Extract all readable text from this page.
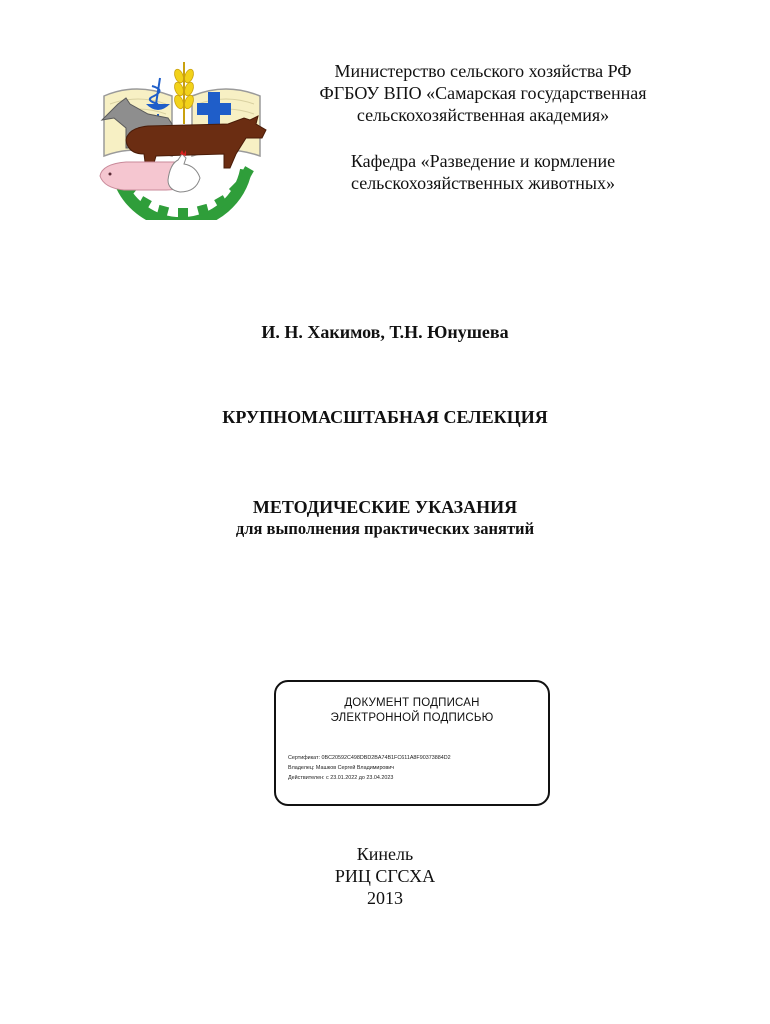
Министерство сельского хозяйства РФ
ФГБОУ ВПО «Самарская государственная
сельскохозяйственная академия»
Кафедра «Разведение и кормление
сельскохозяйственных животных»
И. Н. Хакимов, Т.Н. Юнушева
КРУПНОМАСШТАБНАЯ СЕЛЕКЦИЯ
МЕТОДИЧЕСКИЕ УКАЗАНИЯ
для выполнения практических занятий
ДОКУМЕНТ ПОДПИСАН
ЭЛЕКТРОННОЙ ПОДПИСЬЮ
Сертификат: 0BC20592C498DBD2BA74B1FC611A8F90373884D2
Владелец: Машков Сергей Владимирович
Действителен: с 23.01.2022 до 23.04.2023
Кинель
РИЦ СГСХА
2013
